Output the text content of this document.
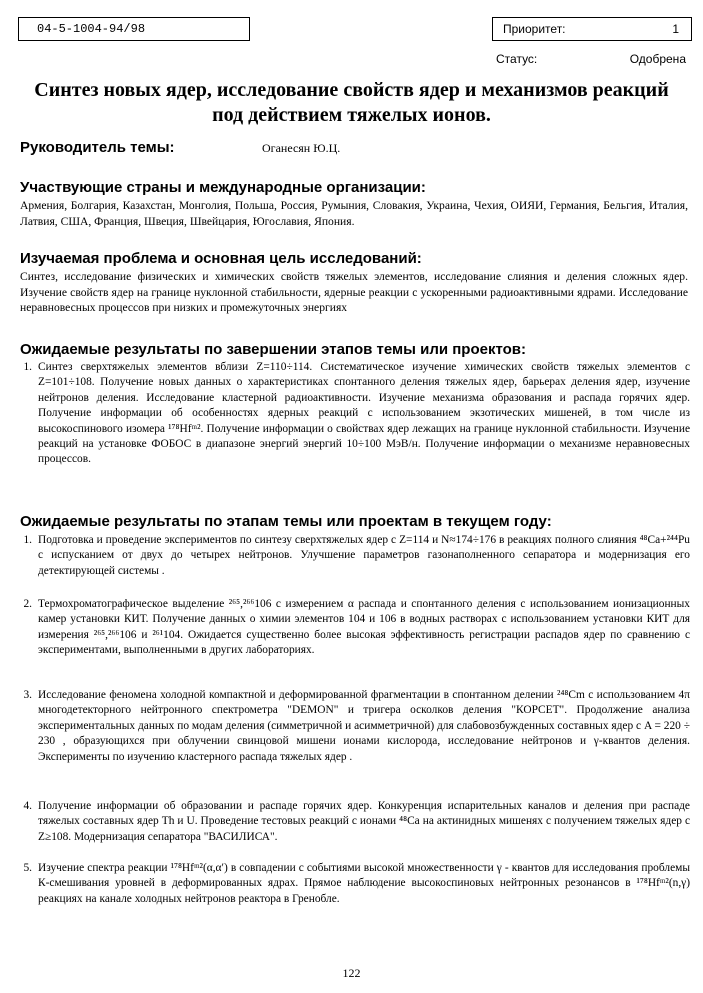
04-5-1004-94/98	Приоритет:	1
Статус:	Одобрена
Синтез новых ядер, исследование свойств ядер и механизмов реакций под действием тяжелых ионов.
Руководитель темы:	Оганесян Ю.Ц.
Участвующие страны и международные организации:
Армения, Болгария, Казахстан, Монголия, Польша, Россия, Румыния, Словакия, Украина, Чехия, ОИЯИ, Германия, Бельгия, Италия, Латвия, США, Франция, Швеция, Швейцария, Югославия, Япония.
Изучаемая проблема и основная цель исследований:
Синтез, исследование физических и химических свойств тяжелых элементов, исследование слияния и деления сложных ядер. Изучение свойств ядер на границе нуклонной стабильности, ядерные реакции с ускоренными радиоактивными ядрами. Исследование неравновесных процессов при низких и промежуточных энергиях
Ожидаемые результаты по завершении этапов темы или проектов:
1. Синтез сверхтяжелых элементов вблизи Z=110÷114. Систематическое изучение химических свойств тяжелых элементов с Z=101÷108. Получение новых данных о характеристиках спонтанного деления тяжелых ядер, барьерах деления ядер, изучение нейтронов деления. Исследование кластерной радиоактивности. Изучение механизма образования и распада горячих ядер. Получение информации об особенностях ядерных реакций с использованием экзотических мишеней, в том числе из высокоспинового изомера ¹⁷⁸Hfᵐ². Получение информации о свойствах ядер лежащих на границе нуклонной стабильности. Изучение реакций на установке ФОБОС в диапазоне энергий энергий 10÷100 МэВ/н. Получение информации о механизме неравновесных процессов.
Ожидаемые результаты по этапам темы или проектам в текущем году:
1. Подготовка и проведение экспериментов по синтезу сверхтяжелых ядер с Z=114 и N≈174÷176 в реакциях полного слияния ⁴⁸Ca+²⁴⁴Pu с испусканием от двух до четырех нейтронов. Улучшение параметров газонаполненного сепаратора и модернизация его детектирующей системы .
2. Термохроматографическое выделение ²⁶⁵,²⁶⁶106 с измерением α распада и спонтанного деления с использованием ионизационных камер установки КИТ. Получение данных о химии элементов 104 и 106 в водных растворах с использованием установки КИТ для измерения ²⁶⁵,²⁶⁶106 и ²⁶¹104. Ожидается существенно более высокая эффективность регистрации распадов ядер по сравнению с экспериментами, выполненными в других лабораториях.
3. Исследование феномена холодной компактной и деформированной фрагментации в спонтанном делении ²⁴⁸Cm с использованием 4π многодетекторного нейтронного спектрометра "DEMON" и тригера осколков деления "КОРСЕТ". Продолжение анализа экспериментальных данных по модам деления (симметричной и асимметричной) для слабовозбужденных составных ядер с A = 220 ÷ 230 , образующихся при облучении свинцовой мишени ионами кислорода, исследование нейтронов и γ-квантов деления. Эксперименты по изучению кластерного распада тяжелых ядер .
4. Получение информации об образовании и распаде горячих ядер. Конкуренция испарительных каналов и деления при распаде тяжелых составных ядер Th и U. Проведение тестовых реакций с ионами ⁴⁸Ca на актинидных мишенях с получением тяжелых ядер с Z≥108. Модернизация сепаратора "ВАСИЛИСА".
5. Изучение спектра реакции ¹⁷⁸Hfᵐ²(α,α′) в совпадении с событиями высокой множественности γ - квантов для исследования проблемы К-смешивания уровней в деформированных ядрах. Прямое наблюдение высокоспиновых нейтронных резонансов в ¹⁷⁸Hfᵐ²(n,γ) реакциях на канале холодных нейтронов реактора в Гренобле.
122
